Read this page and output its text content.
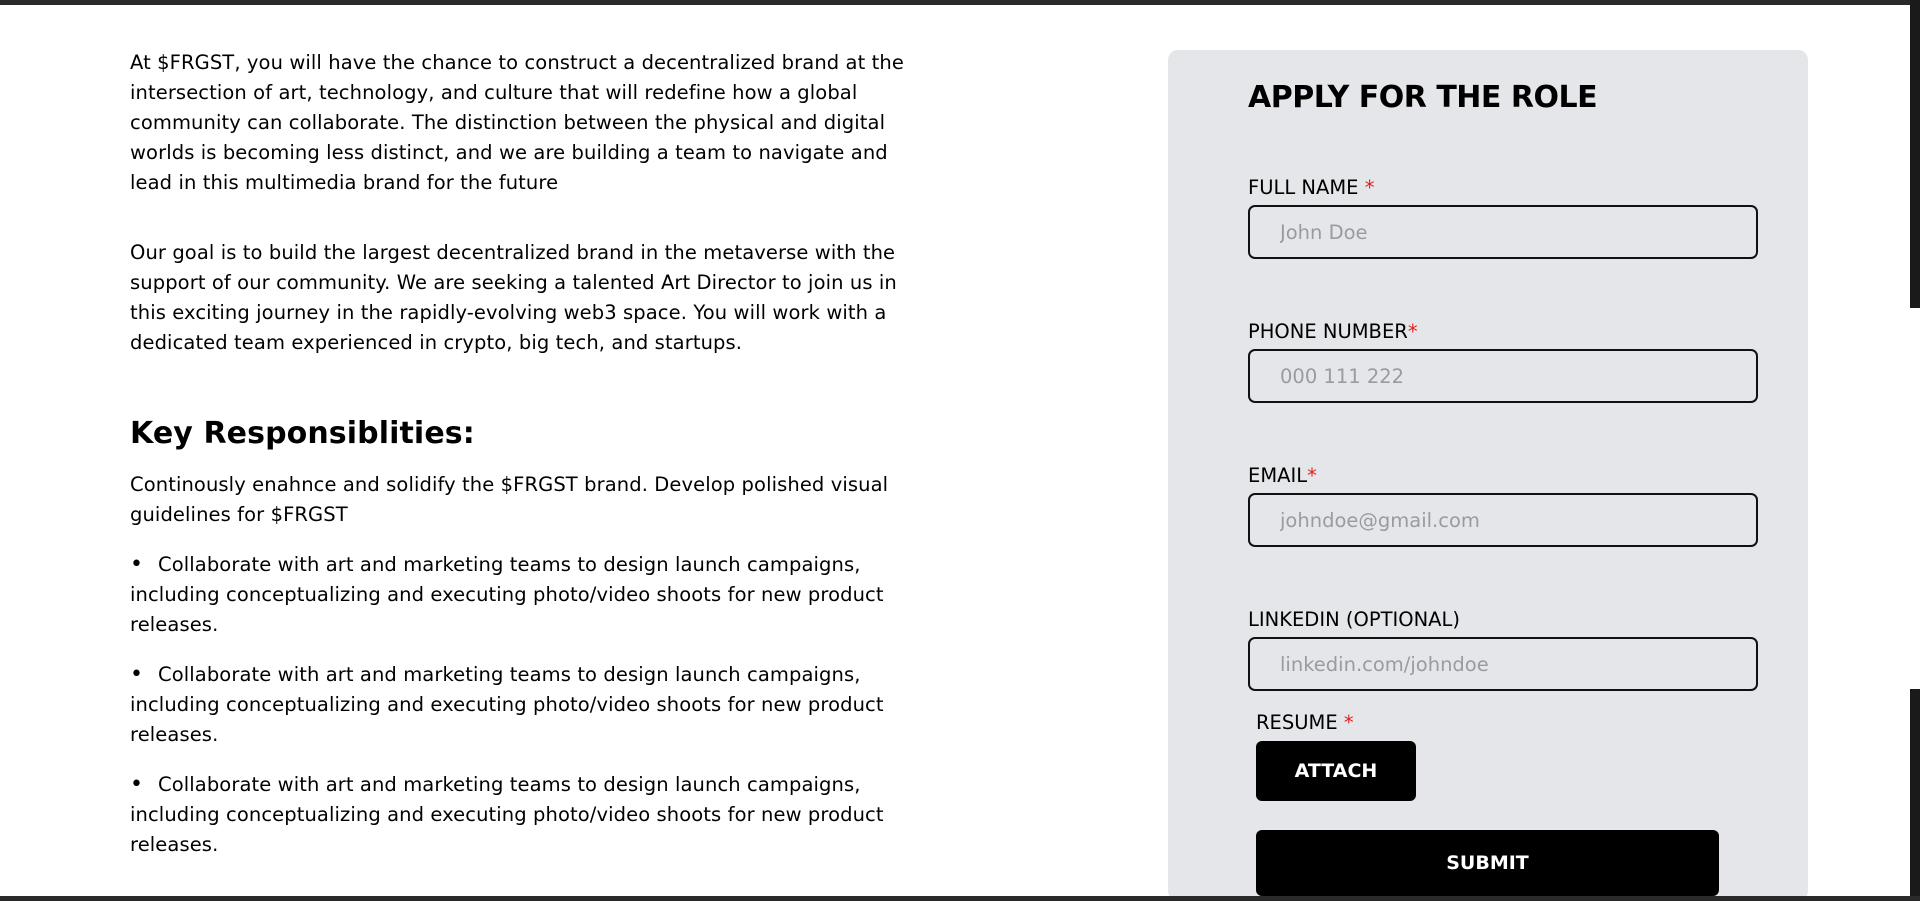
At $FRGST, you will have the chance to construct a decentralized brand at the intersection of art, technology, and culture that will redefine how a global community can collaborate. The distinction between the physical and digital worlds is becoming less distinct, and we are building a team to navigate and lead in this multimedia brand for the future

Our goal is to build the largest decentralized brand in the metaverse with the support of our community. We are seeking a talented Art Director to join us in this exciting journey in the rapidly-evolving web3 space. You will work with a dedicated team experienced in crypto, big tech, and startups.

Key Responsiblities:

Continously enahnce and solidify the $FRGST brand. Develop polished visual guidelines for $FRGST

• Collaborate with art and marketing teams to design launch campaigns, including conceptualizing and executing photo/video shoots for new product releases.

• Collaborate with art and marketing teams to design launch campaigns, including conceptualizing and executing photo/video shoots for new product releases.

• Collaborate with art and marketing teams to design launch campaigns, including conceptualizing and executing photo/video shoots for new product releases.

APPLY FOR THE ROLE
FULL NAME *
John Doe
PHONE NUMBER*
000 111 222
EMAIL*
johndoe@gmail.com
LINKEDIN (OPTIONAL)
linkedin.com/johndoe
RESUME *
ATTACH
SUBMIT
